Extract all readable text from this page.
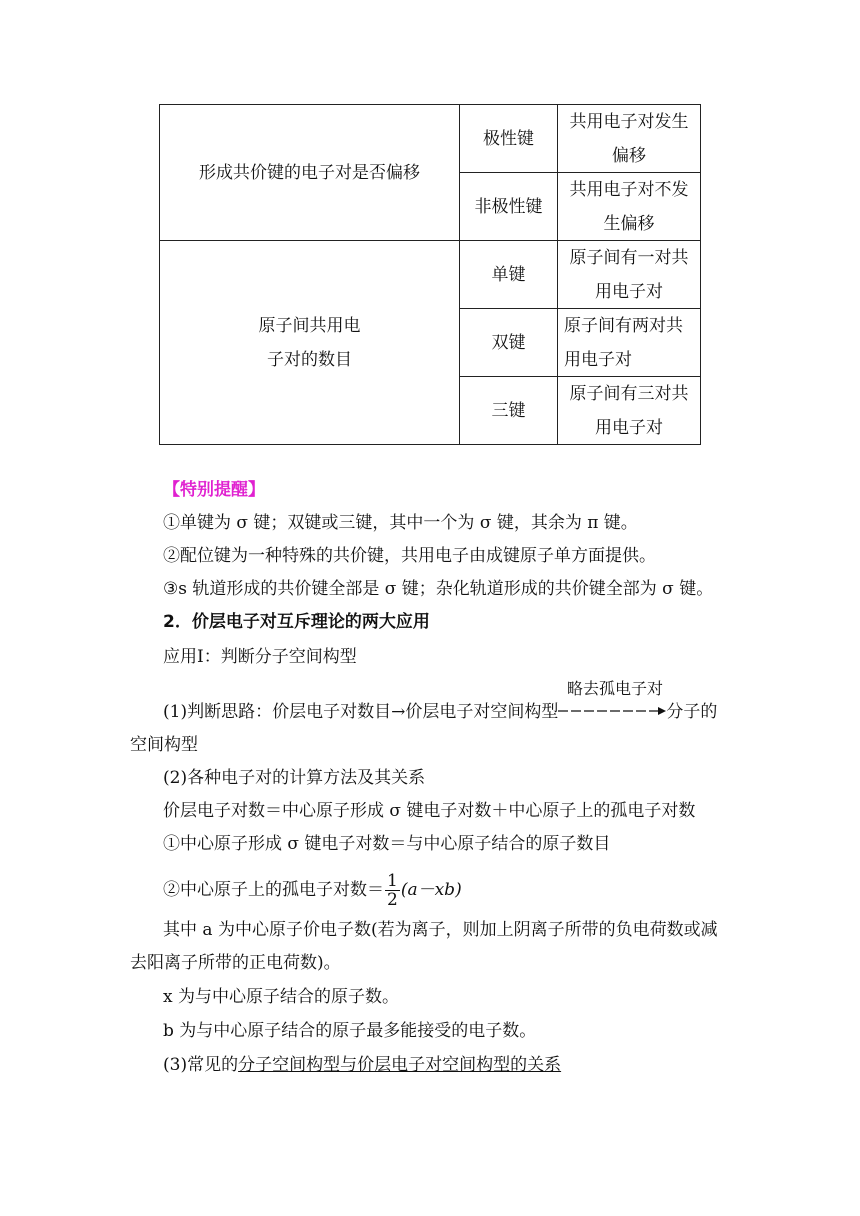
形成共价键的电子对是否偏移
极性键
共用电子对发生
偏移
非极性键
共用电子对不发
生偏移
原子间共用电
子对的数目
单键
原子间有一对共
用电子对
双键
原子间有两对共
用电子对
三键
原子间有三对共
用电子对
【特别提醒】
①单键为 σ 键；双键或三键，其中一个为 σ 键，其余为 π 键。
②配位键为一种特殊的共价键，共用电子由成键原子单方面提供。
③s 轨道形成的共价键全部是 σ 键；杂化轨道形成的共价键全部为 σ 键。
2．价层电子对互斥理论的两大应用
应用Ⅰ：判断分子空间构型
略去孤电子对
(1)判断思路：价层电子对数目→价层电子对空间构型	分子的
空间构型
(2)各种电子对的计算方法及其关系
价层电子对数＝中心原子形成 σ 键电子对数＋中心原子上的孤电子对数
①中心原子形成 σ 键电子对数＝与中心原子结合的原子数目
②中心原子上的孤电子对数＝ $\frac{1}{2} (a-xb)$
其中 a 为中心原子价电子数(若为离子，则加上阴离子所带的负电荷数或减
去阳离子所带的正电荷数)。
x 为与中心原子结合的原子数。
b 为与中心原子结合的原子最多能接受的电子数。
(3)常见的分子空间构型与价层电子对空间构型的关系
